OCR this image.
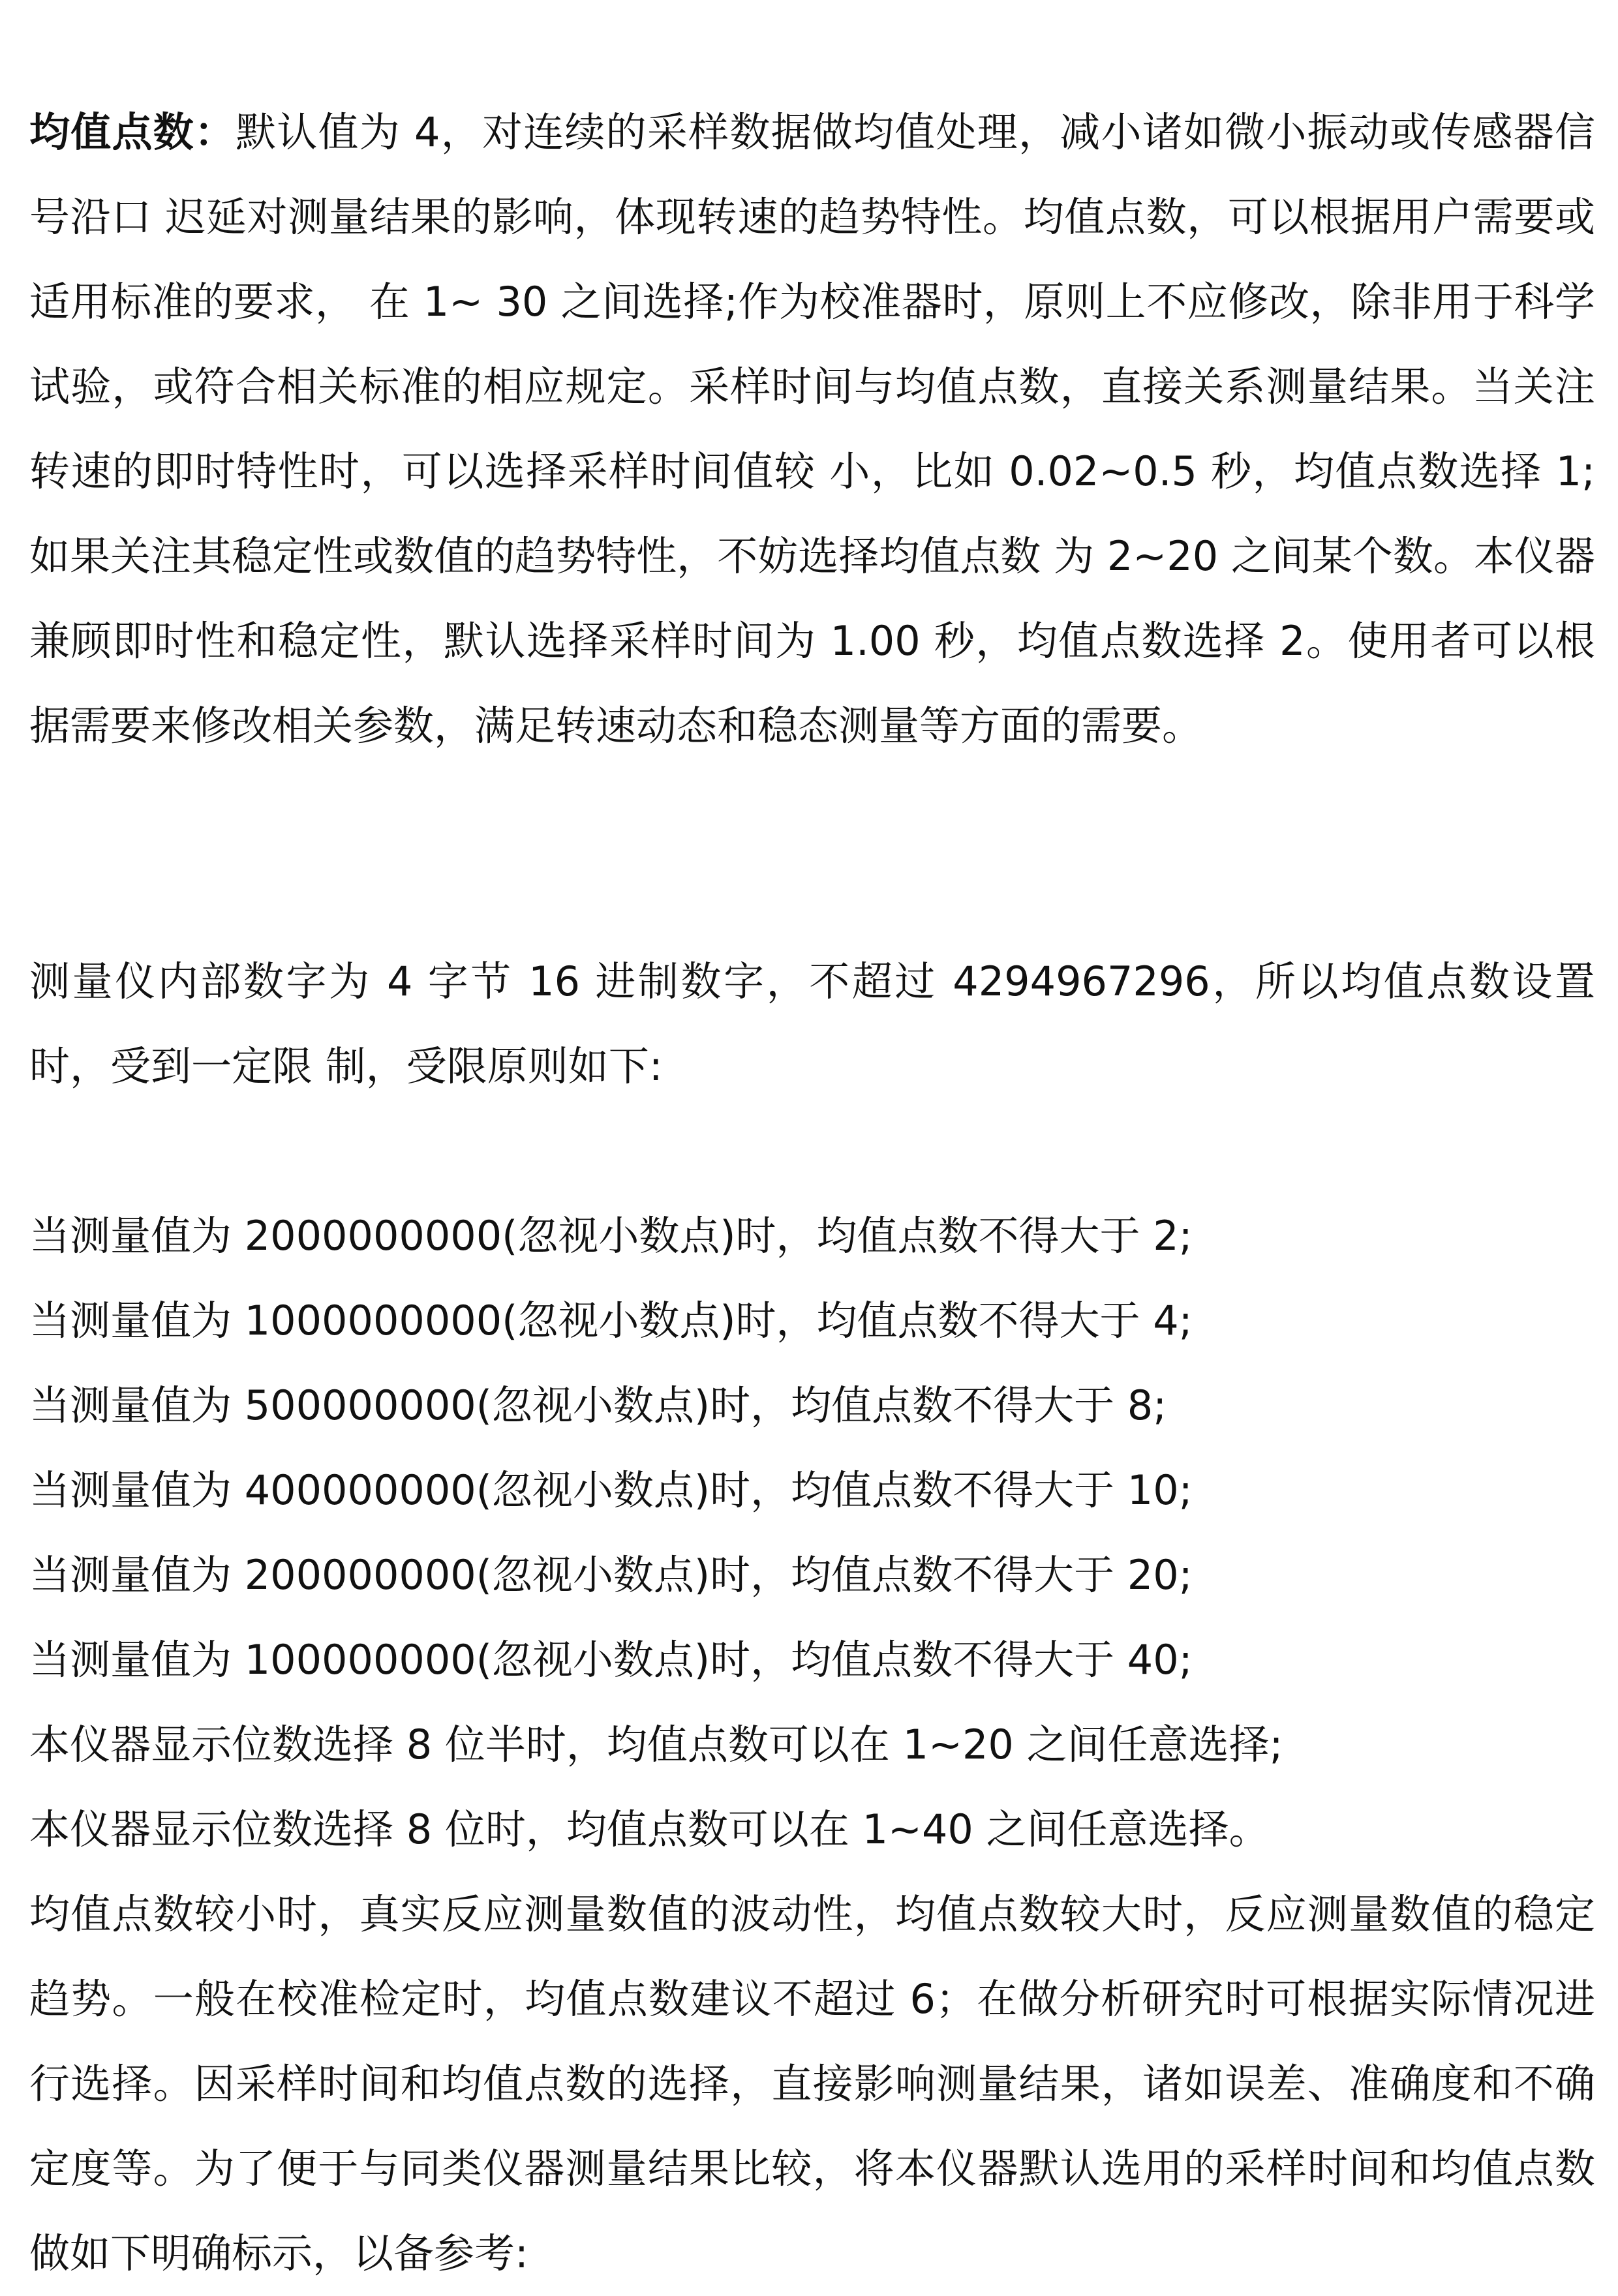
均值点数：默认值为 4，对连续的采样数据做均值处理，减小诸如微小振动或传感器信号沿口 迟延对测量结果的影响，体现转速的趋势特性。均值点数，可以根据用户需要或适用标准的要求， 在 1~ 30 之间选择;作为校准器时，原则上不应修改，除非用于科学试验，或符合相关标准的相应规定。采样时间与均值点数，直接关系测量结果。当关注转速的即时特性时，可以选择采样时间值较 小，比如 0.02~0.5 秒，均值点数选择 1;如果关注其稳定性或数值的趋势特性，不妨选择均值点数 为 2~20 之间某个数。本仪器兼顾即时性和稳定性，默认选择采样时间为 1.00 秒，均值点数选择 2。使用者可以根据需要来修改相关参数，满足转速动态和稳态测量等方面的需要。

测量仪内部数字为 4 字节 16 进制数字，不超过 4294967296，所以均值点数设置时，受到一定限 制，受限原则如下:

当测量值为 2000000000(忽视小数点)时，均值点数不得大于 2;
当测量值为 1000000000(忽视小数点)时，均值点数不得大于 4;
当测量值为 500000000(忽视小数点)时，均值点数不得大于 8;
当测量值为 400000000(忽视小数点)时，均值点数不得大于 10;
当测量值为 200000000(忽视小数点)时，均值点数不得大于 20;
当测量值为 100000000(忽视小数点)时，均值点数不得大于 40;
本仪器显示位数选择 8 位半时，均值点数可以在 1~20 之间任意选择;
本仪器显示位数选择 8 位时，均值点数可以在 1~40 之间任意选择。

均值点数较小时，真实反应测量数值的波动性，均值点数较大时，反应测量数值的稳定趋势。一般在校准检定时，均值点数建议不超过 6；在做分析研究时可根据实际情况进行选择。因采样时间和均值点数的选择，直接影响测量结果，诸如误差、准确度和不确定度等。为了便于与同类仪器测量结果比较，将本仪器默认选用的采样时间和均值点数做如下明确标示，以备参考:
